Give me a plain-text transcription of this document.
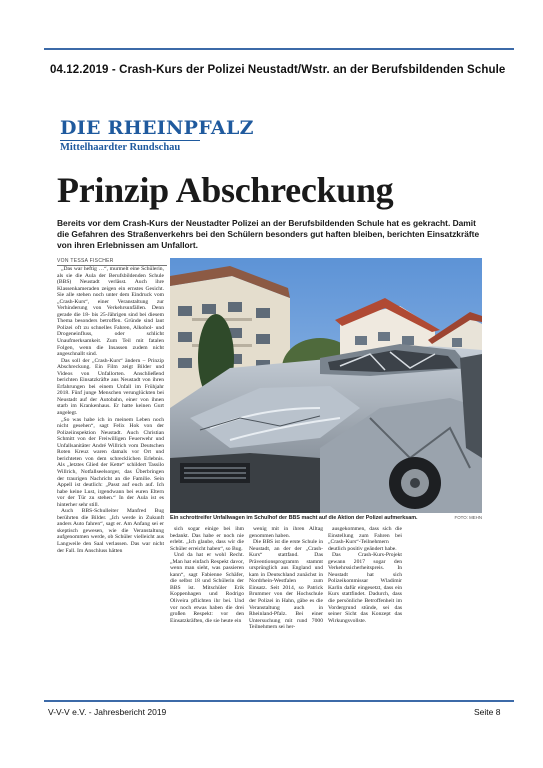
04.12.2019 - Crash-Kurs der Polizei Neustadt/Wstr. an der Berufsbildenden Schule
DIE RHEINPFALZ
Mittelhaardter Rundschau
Prinzip Abschreckung
Bereits vor dem Crash-Kurs der Neustadter Polizei an der Berufsbildenden Schule hat es gekracht. Damit die Gefahren des Straßenverkehrs bei den Schülern besonders gut haften bleiben, berichten Einsatzkräfte von ihren Erlebnissen am Unfallort.
VON TESSA FISCHER

„Das war heftig …“, murmelt eine Schülerin, als sie die Aula der Berufsbildenden Schule (BBS) Neustadt verlässt. Auch ihre Klassenkameraden zeigen ein ernstes Gesicht. Sie alle stehen noch unter dem Eindruck vom „Crash-Kurs“, einer Veranstaltung zur Verhinderung von Verkehrsunfällen. Denn gerade die 18- bis 25-Jährigen sind bei diesem Thema besonders betroffen. Gründe sind laut Polizei oft zu schnelles Fahren, Alkohol- und Drogeneinfluss, oder schlicht Unaufmerksamkeit. Zum Teil mit fatalen Folgen, wenn die Insassen zudem nicht angeschnallt sind.

Das soll der „Crash-Kurs“ ändern – Prinzip Abschreckung. Ein Film zeigt Bilder und Videos von Unfallorten. Anschließend berichten Einsatzkräfte aus Neustadt von ihren Erfahrungen bei einem Unfall im Frühjahr 2018. Fünf junge Menschen verunglückten bei Neustadt auf der Autobahn, einer von ihnen starb im Krankenhaus. Er hatte keinen Gurt angelegt.

„So was habe ich in meinem Leben noch nicht gesehen“, sagt Felix Hok von der Polizeiinspektion Neustadt. Auch Christian Schmitt von der Freiwilligen Feuerwehr und Unfallsanitäter André Willrich vom Deutschen Roten Kreuz waren damals vor Ort und berichteten von dem schrecklichen Erlebnis. Als „letztes Glied der Kette“ schildert Tassilo Willrich, Notfallseelsorger, das Überbringen der traurigen Nachricht an die Familie. Sein Appell ist deutlich: „Passt auf euch auf. Ich habe keine Lust, irgendwann bei euren Eltern vor der Tür zu stehen.“ In der Aula ist es hinterher sehr still.

Auch BBS-Schulleiter Manfred Bug berührten die Bilder. „Ich werde in Zukunft anders Auto fahren“, sagt er. Am Anfang sei er skeptisch gewesen, wie die Veranstaltung aufgenommen werde, ob Schüler vielleicht aus Langweile den Saal verlassen. Das war nicht der Fall. Im Anschluss hätten

Ein schrottreifer Unfallwagen im Schulhof der BBS macht auf die Aktion der Polizei aufmerksam.	FOTO: MEHN

sich sogar einige bei ihm bedankt. Das habe er noch nie erlebt. „Ich glaube, dass wir die Schüler erreicht haben“, so Bug.

Und da hat er wohl Recht. „Man hat einfach Respekt davor, wenn man sieht, was passieren kann“, sagt Fabienne Schäfer, die selbst 18 und Schülerin der BBS ist. Mitschüler Erik Koppenhagen und Rodrigo Oliveira pflichten ihr bei. Und vor noch etwas haben die drei großen Respekt: vor den Einsatzkräften, die sie heute ein

wenig mit in ihren Alltag genommen haben.

Die BBS ist die erste Schule in Neustadt, an der der „Crash-Kurs“ stattfand. Das Präventionsprogramm stammt ursprünglich aus England und kam in Deutschland zunächst in Nordrhein-Westfalen zum Einsatz. Seit 2014, so Patrick Brummer von der Hochschule der Polizei in Hahn, gäbe es die Veranstaltung auch in Rheinland-Pfalz. Bei einer Untersuchung mit rund 7000 Teilnehmern sei her-

ausgekommen, dass sich die Einstellung zum Fahren bei „Crash-Kurs“-Teilnehmern deutlich positiv geändert habe.

Das Crash-Kurs-Projekt gewann 2017 sogar den Verkehrssicherheitspreis. In Neustadt hat sich Polizeikommissar Wladimir Karlin dafür eingesetzt, dass ein Kurs stattfindet. Dadurch, dass die persönliche Betroffenheit im Vordergrund stünde, sei das seiner Sicht das Konzept das Wirkungsvollste.

V-V-V e.V. - Jahresbericht 2019	Seite 8
